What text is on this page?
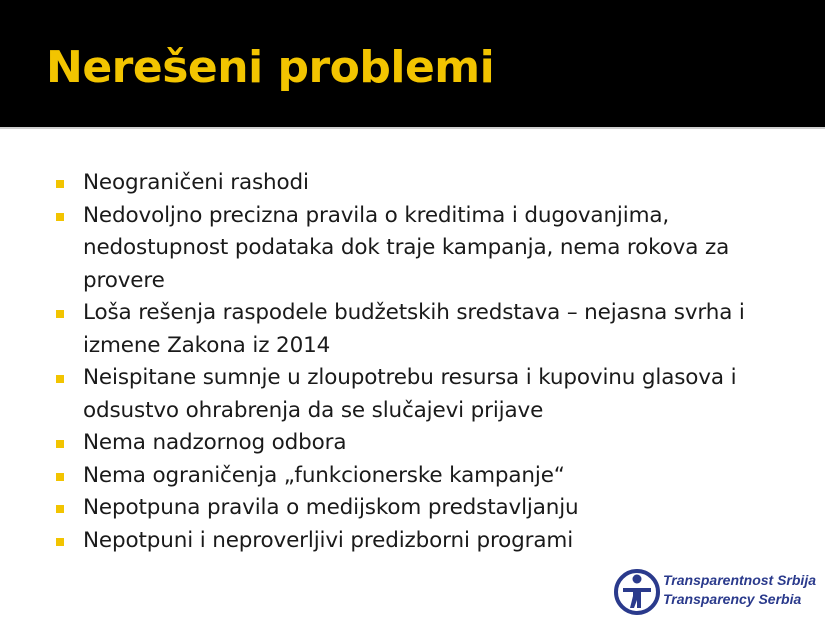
Nerešeni problemi
Neograničeni rashodi
Nedovoljno precizna pravila o kreditima i dugovanjima, nedostupnost podataka dok traje kampanja, nema rokova za provere
Loša rešenja raspodele budžetskih sredstava – nejasna svrha i izmene Zakona iz 2014
Neispitane sumnje u zloupotrebu resursa i kupovinu glasova i odsustvo ohrabrenja da se slučajevi prijave
Nema nadzornog odbora
Nema ograničenja „funkcionerske kampanje“
Nepotpuna pravila o medijskom predstavljanju
Nepotpuni i neproverljivi predizborni programi
Transparentnost Srbija
Transparency Serbia
